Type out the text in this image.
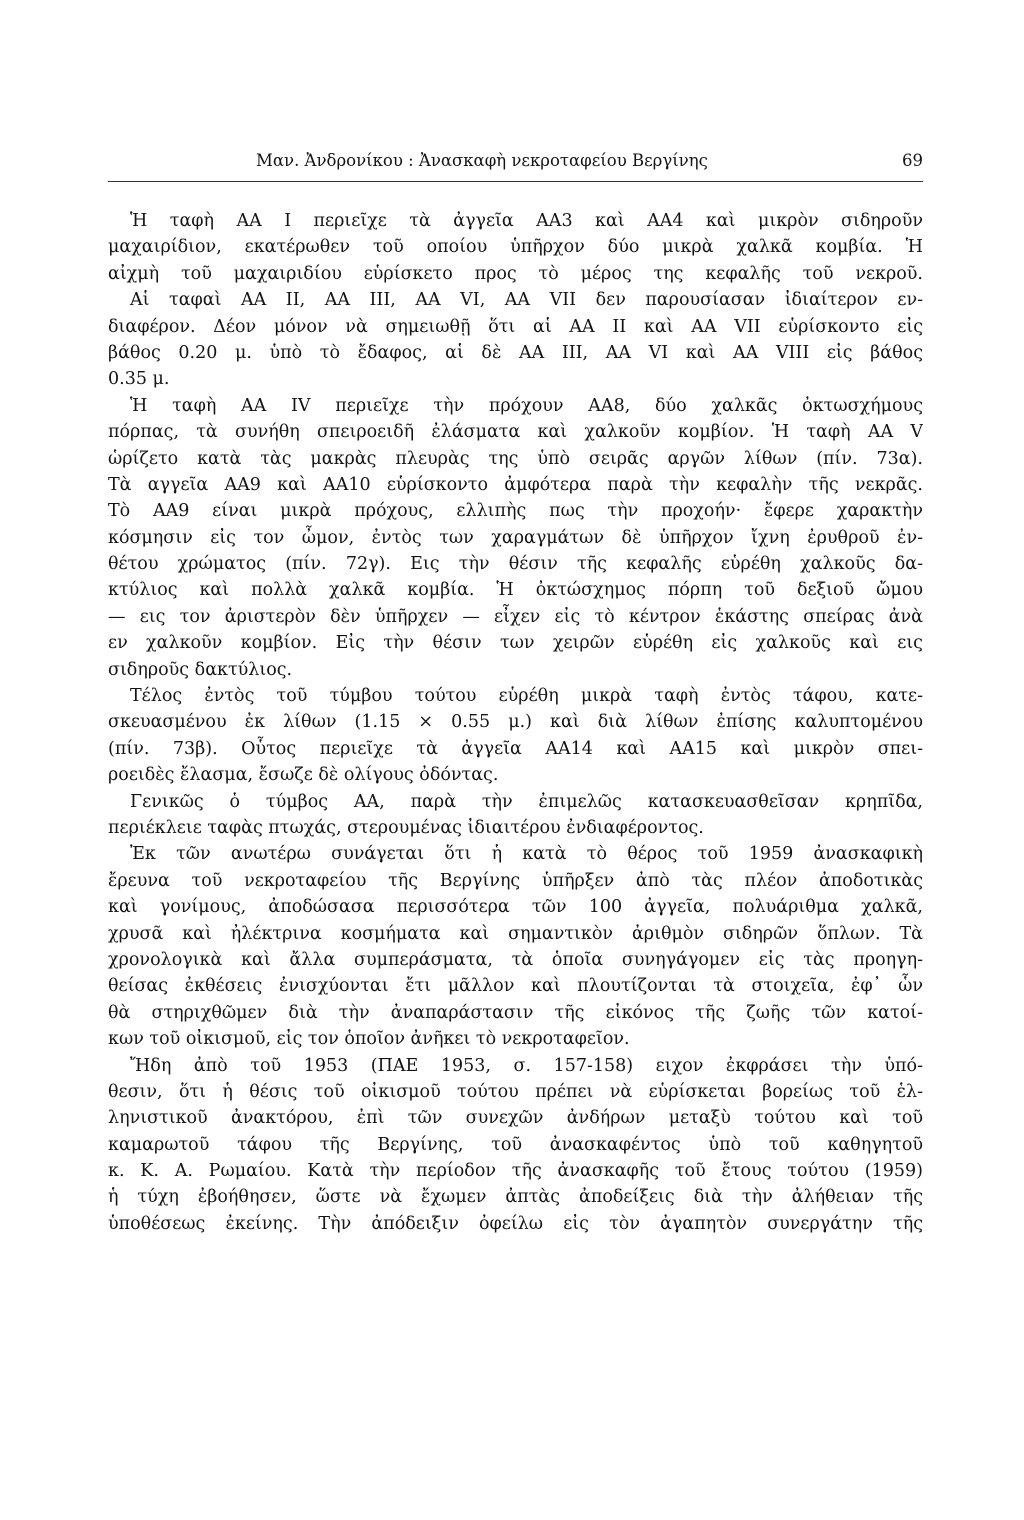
Μαν. Ἀνδρονίκου : Ἀνασκαφὴ νεκροταφείου Βεργίνης	69
Ἡ ταφὴ ΑΑ Ι περιεῖχε τὰ ἀγγεῖα ΑΑ3 καὶ ΑΑ4 καὶ μικρὸν σιδηροῦν
μαχαιρίδιον, εκατέρωθεν τοῦ οποίου ὑπῆρχον δύο μικρὰ χαλκᾶ κομβία. Ἡ
αἰχμὴ τοῦ μαχαιριδίου εὑρίσκετο προς τὸ μέρος της κεφαλῆς τοῦ νεκροῦ.
Αἱ ταφαὶ ΑΑ ΙΙ, ΑΑ ΙΙΙ, ΑΑ VI, ΑΑ VII δεν παρουσίασαν ἰδιαίτερον εν-
διαφέρον. Δέον μόνον νὰ σημειωθῇ ὅτι αἱ ΑΑ ΙΙ καὶ ΑΑ VII εὑρίσκοντο εἰς
βάθος 0.20 μ. ὑπὸ τὸ ἔδαφος, αἱ δὲ ΑΑ ΙΙΙ, ΑΑ VI καὶ ΑΑ VIII εἰς βάθος
0.35 μ.
Ἡ ταφὴ ΑΑ IV περιεῖχε τὴν πρόχουν ΑΑ8, δύο χαλκᾶς ὀκτωσχήμους
πόρπας, τὰ συνήθη σπειροειδῆ ἐλάσματα καὶ χαλκοῦν κομβίον. Ἡ ταφὴ ΑΑ V
ὡρίζετο κατὰ τὰς μακρὰς πλευρὰς της ὑπὸ σειρᾶς αργῶν λίθων (πίν. 73α).
Τὰ αγγεῖα ΑΑ9 καὶ ΑΑ10 εὑρίσκοντο ἀμφότερα παρὰ τὴν κεφαλὴν τῆς νεκρᾶς.
Τὸ ΑΑ9 είναι μικρὰ πρόχους, ελλιπὴς πως τὴν προχοήν· ἔφερε χαρακτὴν
κόσμησιν εἰς τον ὦμον, ἐντὸς των χαραγμάτων δὲ ὑπῆρχον ἴχνη ἐρυθροῦ ἐν-
θέτου χρώματος (πίν. 72γ). Εις τὴν θέσιν τῆς κεφαλῆς εὑρέθη χαλκοῦς δα-
κτύλιος καὶ πολλὰ χαλκᾶ κομβία. Ἡ ὀκτώσχημος πόρπη τοῦ δεξιοῦ ὤμου
— εις τον ἀριστερὸν δὲν ὑπῆρχεν — εἶχεν εἰς τὸ κέντρον ἑκάστης σπείρας ἀνὰ
εν χαλκοῦν κομβίον. Εἰς τὴν θέσιν των χειρῶν εὑρέθη εἰς χαλκοῦς καὶ εις
σιδηροῦς δακτύλιος.
Τέλος ἐντὸς τοῦ τύμβου τούτου εὑρέθη μικρὰ ταφὴ ἐντὸς τάφου, κατε-
σκευασμένου ἐκ λίθων (1.15 × 0.55 μ.) καὶ διὰ λίθων ἐπίσης καλυπτομένου
(πίν. 73β). Οὗτος περιεῖχε τὰ ἀγγεῖα ΑΑ14 καὶ ΑΑ15 καὶ μικρὸν σπει-
ροειδὲς ἔλασμα, ἔσωζε δὲ ολίγους ὀδόντας.
Γενικῶς ὁ τύμβος ΑΑ, παρὰ τὴν ἐπιμελῶς κατασκευασθεῖσαν κρηπῖδα,
περιέκλειε ταφὰς πτωχάς, στερουμένας ἰδιαιτέρου ἐνδιαφέροντος.
Ἐκ τῶν ανωτέρω συνάγεται ὅτι ἡ κατὰ τὸ θέρος τοῦ 1959 ἀνασκαφικὴ
ἔρευνα τοῦ νεκροταφείου τῆς Βεργίνης ὑπῆρξεν ἀπὸ τὰς πλέον ἀποδοτικὰς
καὶ γονίμους, ἀποδώσασα περισσότερα τῶν 100 ἀγγεῖα, πολυάριθμα χαλκᾶ,
χρυσᾶ καὶ ἠλέκτρινα κοσμήματα καὶ σημαντικὸν ἀριθμὸν σιδηρῶν ὅπλων. Τὰ
χρονολογικὰ καὶ ἄλλα συμπεράσματα, τὰ ὁποῖα συνηγάγομεν εἰς τὰς προηγη-
θείσας ἐκθέσεις ἐνισχύονται ἔτι μᾶλλον καὶ πλουτίζονται τὰ στοιχεῖα, ἐφ᾽ ὧν
θὰ στηριχθῶμεν διὰ τὴν ἀναπαράστασιν τῆς εἰκόνος τῆς ζωῆς τῶν κατοί-
κων τοῦ οἰκισμοῦ, εἰς τον ὁποῖον ἀνῆκει τὸ νεκροταφεῖον.
Ἤδη ἀπὸ τοῦ 1953 (ΠΑΕ 1953, σ. 157-158) ειχον ἐκφράσει τὴν ὑπό-
θεσιν, ὅτι ἡ θέσις τοῦ οἰκισμοῦ τούτου πρέπει νὰ εὑρίσκεται βορείως τοῦ ἑλ-
ληνιστικοῦ ἀνακτόρου, ἐπὶ τῶν συνεχῶν ἀνδήρων μεταξὺ τούτου καὶ τοῦ
καμαρωτοῦ τάφου τῆς Βεργίνης, τοῦ ἀνασκαφέντος ὑπὸ τοῦ καθηγητοῦ
κ. Κ. Α. Ρωμαίου. Κατὰ τὴν περίοδον τῆς ἀνασκαφῆς τοῦ ἔτους τούτου (1959)
ἡ τύχη ἐβοήθησεν, ὥστε νὰ ἔχωμεν ἀπτὰς ἀποδείξεις διὰ τὴν ἀλήθειαν τῆς
ὑποθέσεως ἐκείνης. Τὴν ἀπόδειξιν ὀφείλω εἰς τὸν ἀγαπητὸν συνεργάτην τῆς
